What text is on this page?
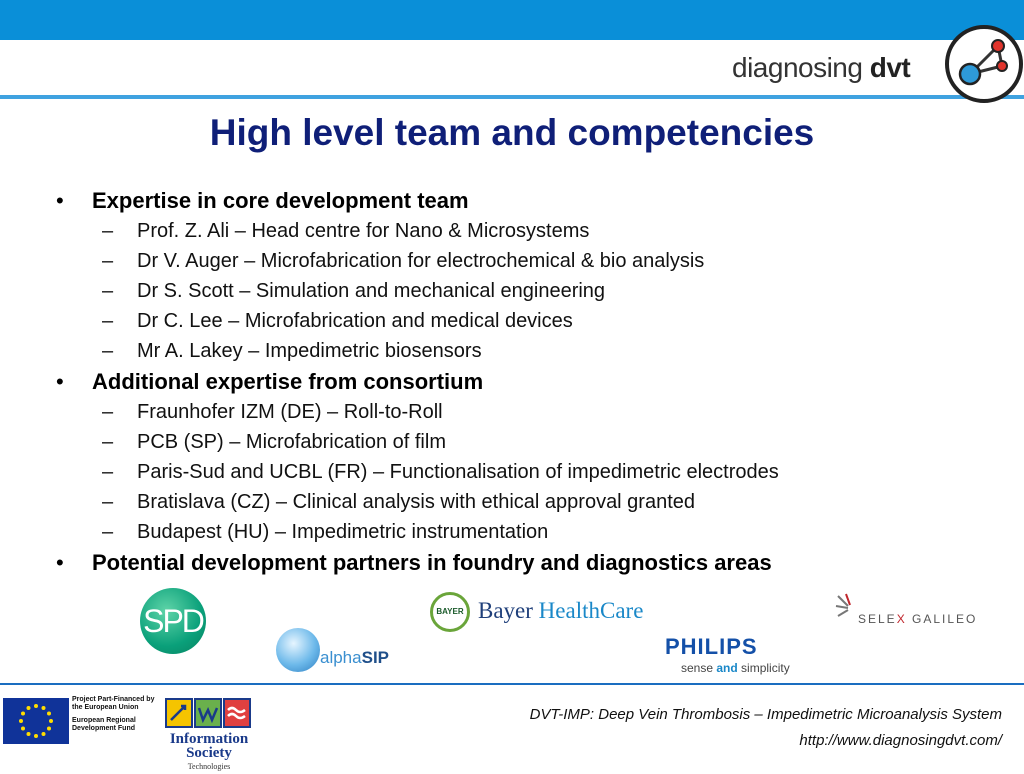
diagnosing dvt
High level team and competencies
• Expertise in core development team
– Prof. Z. Ali – Head centre for Nano & Microsystems
– Dr V. Auger – Microfabrication for electrochemical & bio analysis
– Dr S. Scott – Simulation and mechanical engineering
– Dr C. Lee – Microfabrication and medical devices
– Mr A. Lakey – Impedimetric biosensors
• Additional expertise from consortium
– Fraunhofer IZM (DE) – Roll-to-Roll
– PCB (SP) – Microfabrication of film
– Paris-Sud and UCBL (FR) – Functionalisation of impedimetric electrodes
– Bratislava (CZ) – Clinical analysis with ethical approval granted
– Budapest (HU) – Impedimetric instrumentation
• Potential development partners in foundry and diagnostics areas
SPD
alphaSIP
BAYER Bayer HealthCare
PHILIPS
sense and simplicity
SELEX GALILEO
Project Part-Financed by the European Union
European Regional Development Fund
Information Society
Technologies
DVT-IMP: Deep Vein Thrombosis – Impedimetric Microanalysis System
http://www.diagnosingdvt.com/
